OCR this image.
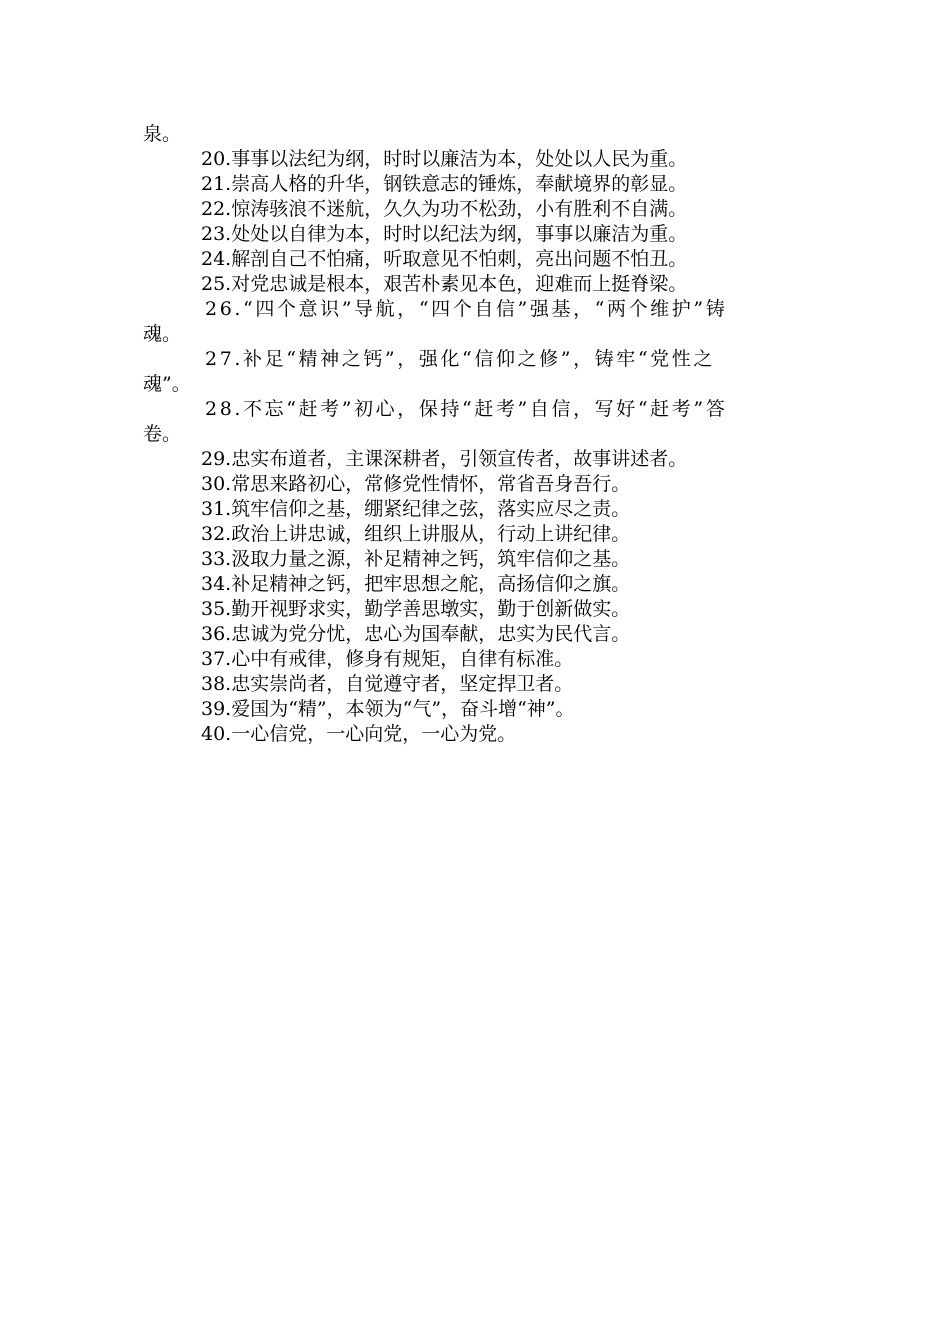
泉。

20.事事以法纪为纲，时时以廉洁为本，处处以人民为重。

21.崇高人格的升华，钢铁意志的锤炼，奉献境界的彰显。

22.惊涛骇浪不迷航，久久为功不松劲，小有胜利不自满。

23.处处以自律为本，时时以纪法为纲，事事以廉洁为重。

24.解剖自己不怕痛，听取意见不怕刺，亮出问题不怕丑。

25.对党忠诚是根本，艰苦朴素见本色，迎难而上挺脊梁。

26.“四个意识”导航，“四个自信”强基，“两个维护”铸

魂。

27.补足“精神之钙”，强化“信仰之修”，铸牢“党性之

魂”。

28.不忘“赶考”初心，保持“赶考”自信，写好“赶考”答

卷。

29.忠实布道者，主课深耕者，引领宣传者，故事讲述者。

30.常思来路初心，常修党性情怀，常省吾身吾行。

31.筑牢信仰之基，绷紧纪律之弦，落实应尽之责。

32.政治上讲忠诚，组织上讲服从，行动上讲纪律。

33.汲取力量之源，补足精神之钙，筑牢信仰之基。

34.补足精神之钙，把牢思想之舵，高扬信仰之旗。

35.勤开视野求实，勤学善思墩实，勤于创新做实。

36.忠诚为党分忧，忠心为国奉献，忠实为民代言。

37.心中有戒律，修身有规矩，自律有标准。

38.忠实崇尚者，自觉遵守者，坚定捍卫者。

39.爱国为“精”，本领为“气”，奋斗增“神”。

40.一心信党，一心向党，一心为党。
